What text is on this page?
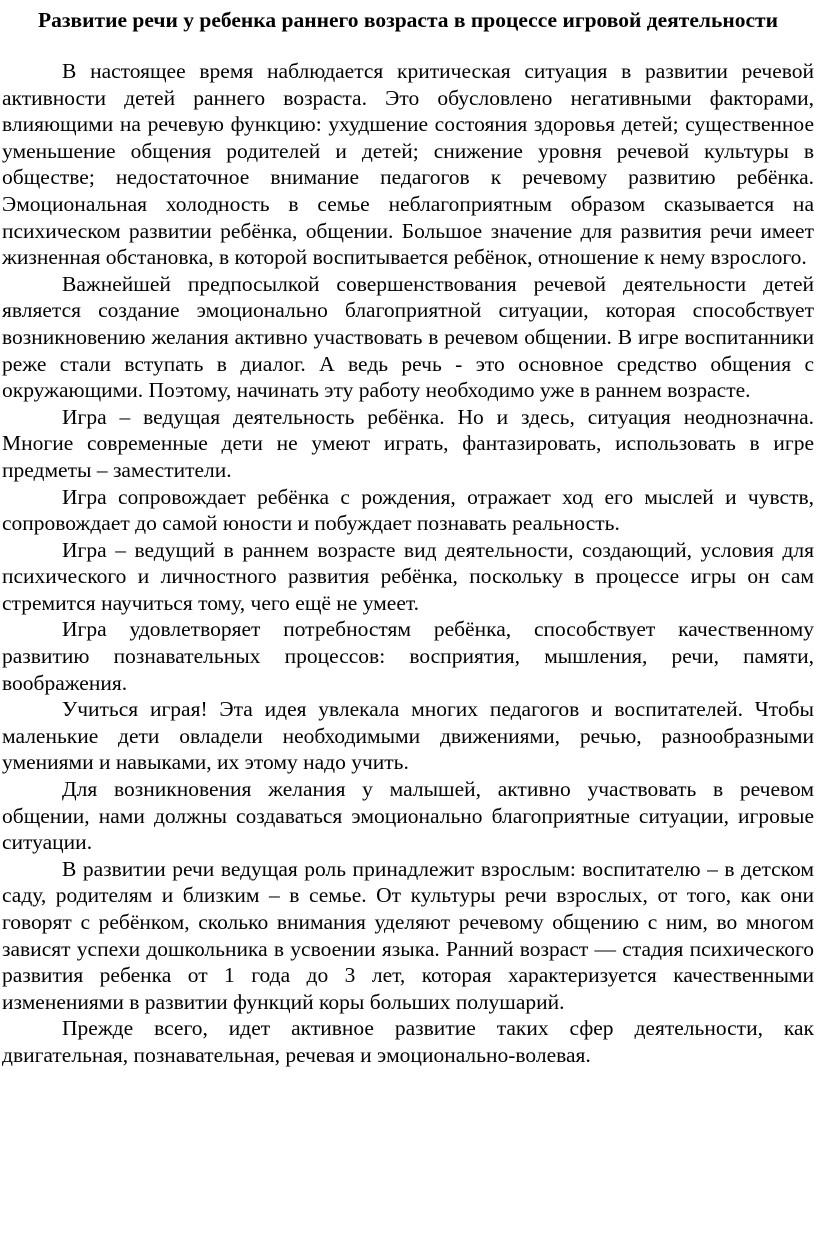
Развитие речи у ребенка раннего возраста в процессе игровой деятельности

В настоящее время наблюдается критическая ситуация в развитии речевой активности детей раннего возраста. Это обусловлено негативными факторами, влияющими на речевую функцию: ухудшение состояния здоровья детей; существенное уменьшение общения родителей и детей; снижение уровня речевой культуры в обществе; недостаточное внимание педагогов к речевому развитию ребёнка. Эмоциональная холодность в семье неблагоприятным образом сказывается на психическом развитии ребёнка, общении. Большое значение для развития речи имеет жизненная обстановка, в которой воспитывается ребёнок, отношение к нему взрослого.

Важнейшей предпосылкой совершенствования речевой деятельности детей является создание эмоционально благоприятной ситуации, которая способствует возникновению желания активно участвовать в речевом общении. В игре воспитанники реже стали вступать в диалог. А ведь речь - это основное средство общения с окружающими. Поэтому, начинать эту работу необходимо уже в раннем возрасте.

Игра – ведущая деятельность ребёнка. Но и здесь, ситуация неоднозначна. Многие современные дети не умеют играть, фантазировать, использовать в игре предметы – заместители.

Игра сопровождает ребёнка с рождения, отражает ход его мыслей и чувств, сопровождает до самой юности и побуждает познавать реальность.

Игра – ведущий в раннем возрасте вид деятельности, создающий, условия для психического и личностного развития ребёнка, поскольку в процессе игры он сам стремится научиться тому, чего ещё не умеет.

Игра удовлетворяет потребностям ребёнка, способствует качественному развитию познавательных процессов: восприятия, мышления, речи, памяти, воображения.

Учиться играя! Эта идея увлекала многих педагогов и воспитателей. Чтобы маленькие дети овладели необходимыми движениями, речью, разнообразными умениями и навыками, их этому надо учить.

Для возникновения желания у малышей, активно участвовать в речевом общении, нами должны создаваться эмоционально благоприятные ситуации, игровые ситуации.

В развитии речи ведущая роль принадлежит взрослым: воспитателю – в детском саду, родителям и близким – в семье. От культуры речи взрослых, от того, как они говорят с ребёнком, сколько внимания уделяют речевому общению с ним, во многом зависят успехи дошкольника в усвоении языка. Ранний возраст — стадия психического развития ребенка от 1 года до 3 лет, которая характеризуется качественными изменениями в развитии функций коры больших полушарий.

Прежде всего, идет активное развитие таких сфер деятельности, как двигательная, познавательная, речевая и эмоционально-волевая.
